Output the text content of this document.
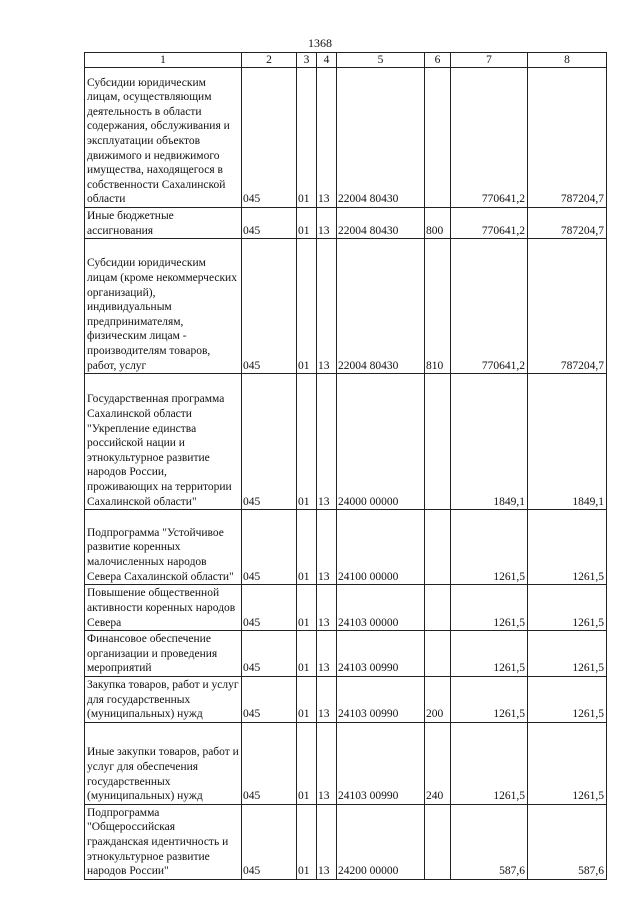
1368
1	2	3	4	5	6	7	8
Субсидии юридическим лицам, осуществляющим деятельность в области содержания, обслуживания и эксплуатации объектов движимого и недвижимого имущества, находящегося в собственности Сахалинской области	045	01	13	22004 80430		770641,2	787204,7
Иные бюджетные ассигнования	045	01	13	22004 80430	800	770641,2	787204,7
Субсидии юридическим лицам (кроме некоммерческих организаций), индивидуальным предпринимателям, физическим лицам - производителям товаров, работ, услуг	045	01	13	22004 80430	810	770641,2	787204,7
Государственная программа Сахалинской области "Укрепление единства российской нации и этнокультурное развитие народов России, проживающих на территории Сахалинской области"	045	01	13	24000 00000		1849,1	1849,1
Подпрограмма "Устойчивое развитие коренных малочисленных народов Севера Сахалинской области"	045	01	13	24100 00000		1261,5	1261,5
Повышение общественной активности коренных народов Севера	045	01	13	24103 00000		1261,5	1261,5
Финансовое обеспечение организации и проведения мероприятий	045	01	13	24103 00990		1261,5	1261,5
Закупка товаров, работ и услуг для государственных (муниципальных) нужд	045	01	13	24103 00990	200	1261,5	1261,5
Иные закупки товаров, работ и услуг для обеспечения государственных (муниципальных) нужд	045	01	13	24103 00990	240	1261,5	1261,5
Подпрограмма "Общероссийская гражданская идентичность и этнокультурное развитие народов России"	045	01	13	24200 00000		587,6	587,6
